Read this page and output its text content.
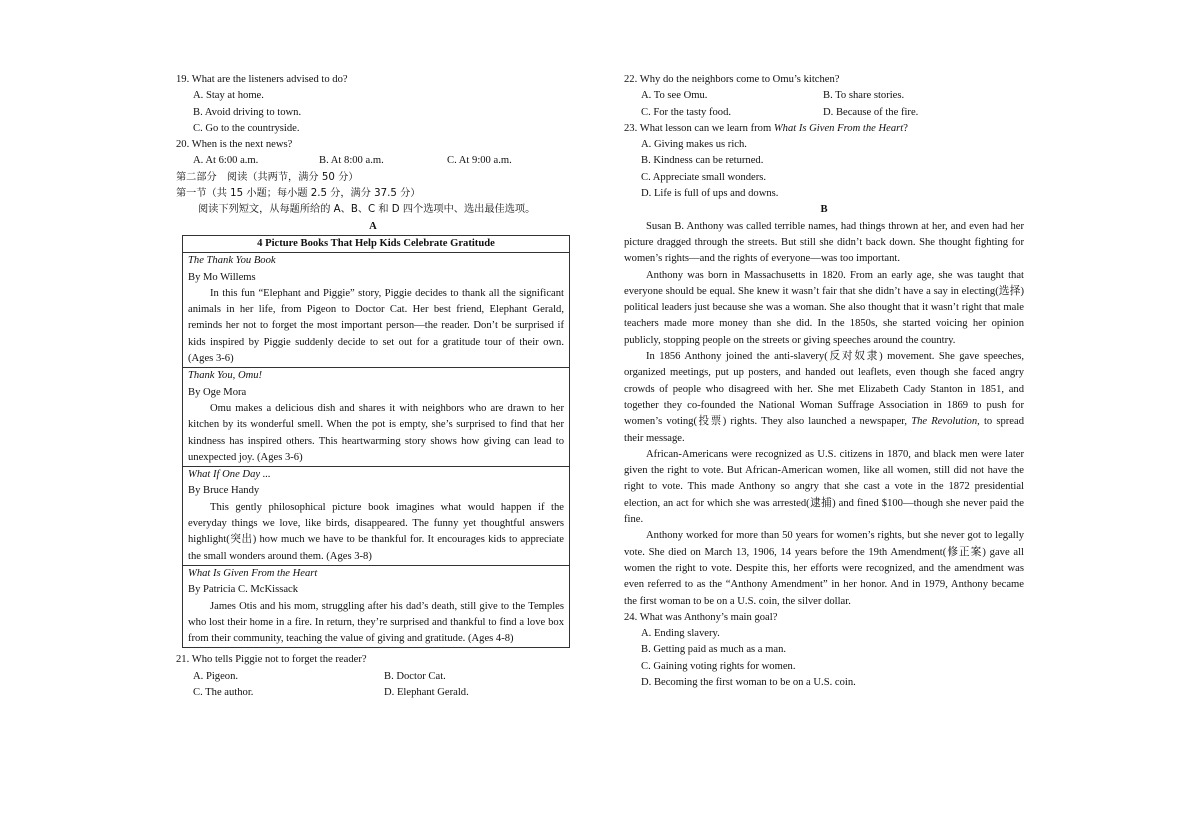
19. What are the listeners advised to do?
A. Stay at home.
B. Avoid driving to town.
C. Go to the countryside.
20. When is the next news?
A. At 6:00 a.m.	B. At 8:00 a.m.	C. At 9:00 a.m.
第二部分　阅读（共两节，满分 50 分）
第一节（共 15 小题；每小题 2.5 分，满分 37.5 分）
阅读下列短文，从每题所给的 A、B、C 和 D 四个选项中、选出最佳选项。
A
4 Picture Books That Help Kids Celebrate Gratitude

The Thank You Book
By Mo Willems
In this fun “Elephant and Piggie” story, Piggie decides to thank all the significant animals in her life, from Pigeon to Doctor Cat. Her best friend, Elephant Gerald, reminds her not to forget the most important person—the reader. Don’t be surprised if kids inspired by Piggie suddenly decide to set out for a gratitude tour of their own. (Ages 3-6)

Thank You, Omu!
By Oge Mora
Omu makes a delicious dish and shares it with neighbors who are drawn to her kitchen by its wonderful smell. When the pot is empty, she’s surprised to find that her kindness has inspired others. This heartwarming story shows how giving can lead to unexpected joy. (Ages 3-6)

What If One Day ...
By Bruce Handy
This gently philosophical picture book imagines what would happen if the everyday things we love, like birds, disappeared. The funny yet thoughtful answers highlight(突出) how much we have to be thankful for. It encourages kids to appreciate the small wonders around them. (Ages 3-8)

What Is Given From the Heart
By Patricia C. McKissack
James Otis and his mom, struggling after his dad’s death, still give to the Temples who lost their home in a fire. In return, they’re surprised and thankful to find a love box from their community, teaching the value of giving and gratitude. (Ages 4-8)
21. Who tells Piggie not to forget the reader?
A. Pigeon.	B. Doctor Cat.
C. The author.	D. Elephant Gerald.
22. Why do the neighbors come to Omu’s kitchen?
A. To see Omu.	B. To share stories.
C. For the tasty food.	D. Because of the fire.
23. What lesson can we learn from What Is Given From the Heart?
A. Giving makes us rich.
B. Kindness can be returned.
C. Appreciate small wonders.
D. Life is full of ups and downs.
B
Susan B. Anthony was called terrible names, had things thrown at her, and even had her picture dragged through the streets. But still she didn’t back down. She thought fighting for women’s rights—and the rights of everyone—was too important.
Anthony was born in Massachusetts in 1820. From an early age, she was taught that everyone should be equal. She knew it wasn’t fair that she didn’t have a say in electing(选择) political leaders just because she was a woman. She also thought that it wasn’t right that male teachers made more money than she did. In the 1850s, she started voicing her opinion publicly, stopping people on the streets or giving speeches around the country.
In 1856 Anthony joined the anti-slavery(反对奴隶) movement. She gave speeches, organized meetings, put up posters, and handed out leaflets, even though she faced angry crowds of people who disagreed with her. She met Elizabeth Cady Stanton in 1851, and together they co-founded the National Woman Suffrage Association in 1869 to push for women’s voting(投票) rights. They also launched a newspaper, The Revolution, to spread their message.
African-Americans were recognized as U.S. citizens in 1870, and black men were later given the right to vote. But African-American women, like all women, still did not have the right to vote. This made Anthony so angry that she cast a vote in the 1872 presidential election, an act for which she was arrested(逮捕) and fined $100—though she never paid the fine.
Anthony worked for more than 50 years for women’s rights, but she never got to legally vote. She died on March 13, 1906, 14 years before the 19th Amendment(修正案) gave all women the right to vote. Despite this, her efforts were recognized, and the amendment was even referred to as the “Anthony Amendment” in her honor. And in 1979, Anthony became the first woman to be on a U.S. coin, the silver dollar.
24. What was Anthony’s main goal?
A. Ending slavery.
B. Getting paid as much as a man.
C. Gaining voting rights for women.
D. Becoming the first woman to be on a U.S. coin.
